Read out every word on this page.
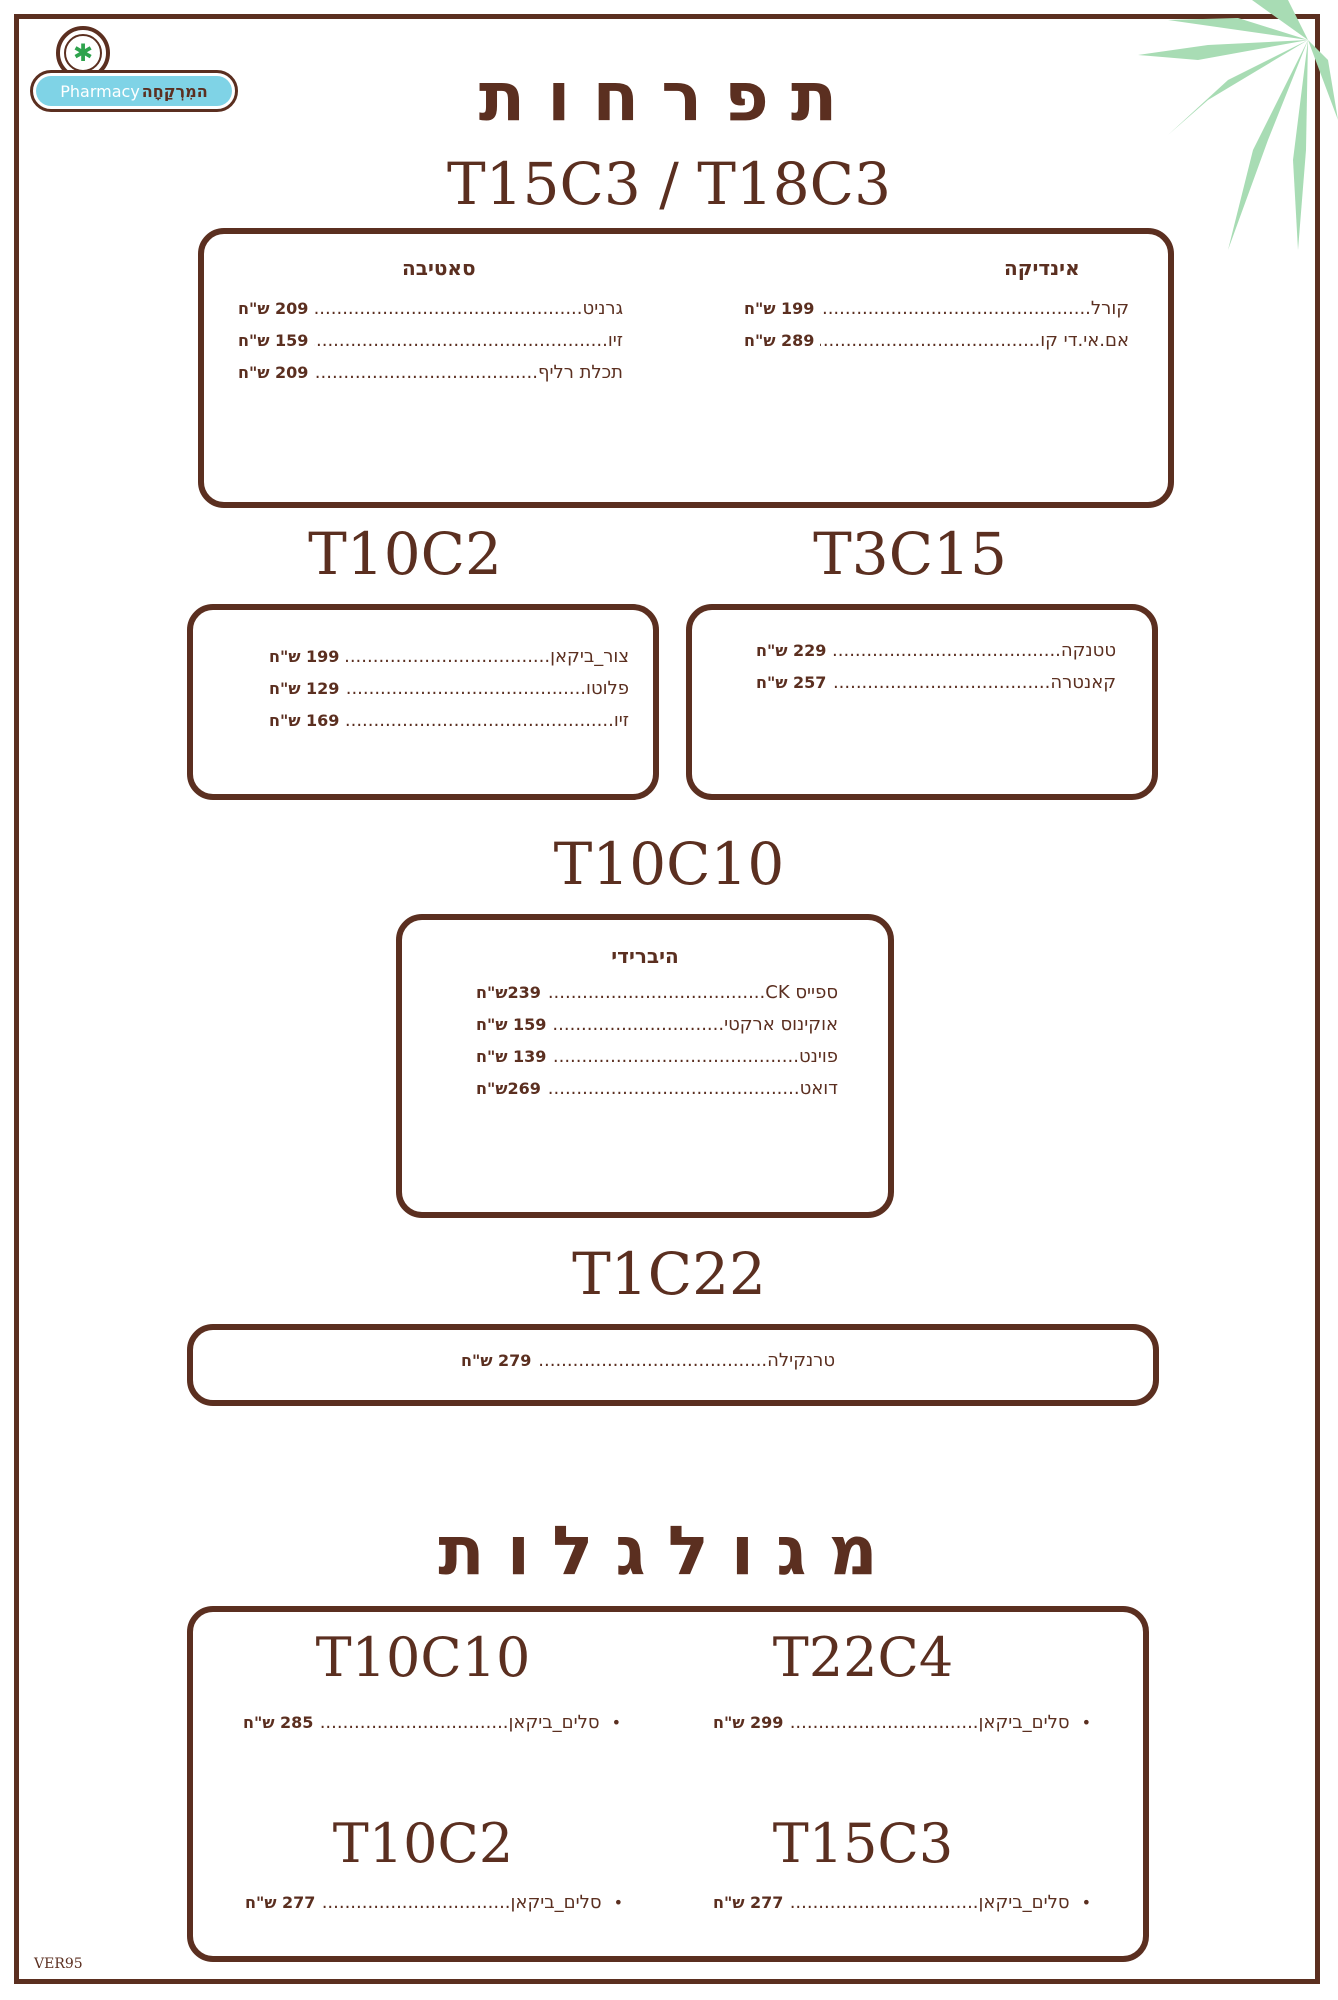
✱
Pharmacy המִרְקַחָה	תפרחות
T15C3 / T18C3
אינדיקה
סאטיבה
קורל
.....
199 ש"ח
אם.אי.די קו
.....
289 ש"ח
גרניט
.....
209 ש"ח
זיו
.....
159 ש"ח
תכלת רליף
.....
209 ש"ח
T3C15
T10C2
טטנקה
.....
229 ש"ח
קאנטרה
.....
257 ש"ח
צור_ביקאן
.....
199 ש"ח
פלוטו
.....
129 ש"ח
זיו
.....
169 ש"ח
T10C10
היברידי
ספייס CK
.....
239ש"ח
אוקינוס ארקטי
.....
159 ש"ח
פוינט
.....
139 ש"ח
דואט
.....
269ש"ח
T1C22
טרנקילה
.....
279 ש"ח
מגולגלות
T22C4
T10C10
•
סלים_ביקאן
.....
299 ש"ח
•
סלים_ביקאן
.....
285 ש"ח
T15C3
T10C2
•
סלים_ביקאן
.....
277 ש"ח
•
סלים_ביקאן
.....
277 ש"ח
VER95
